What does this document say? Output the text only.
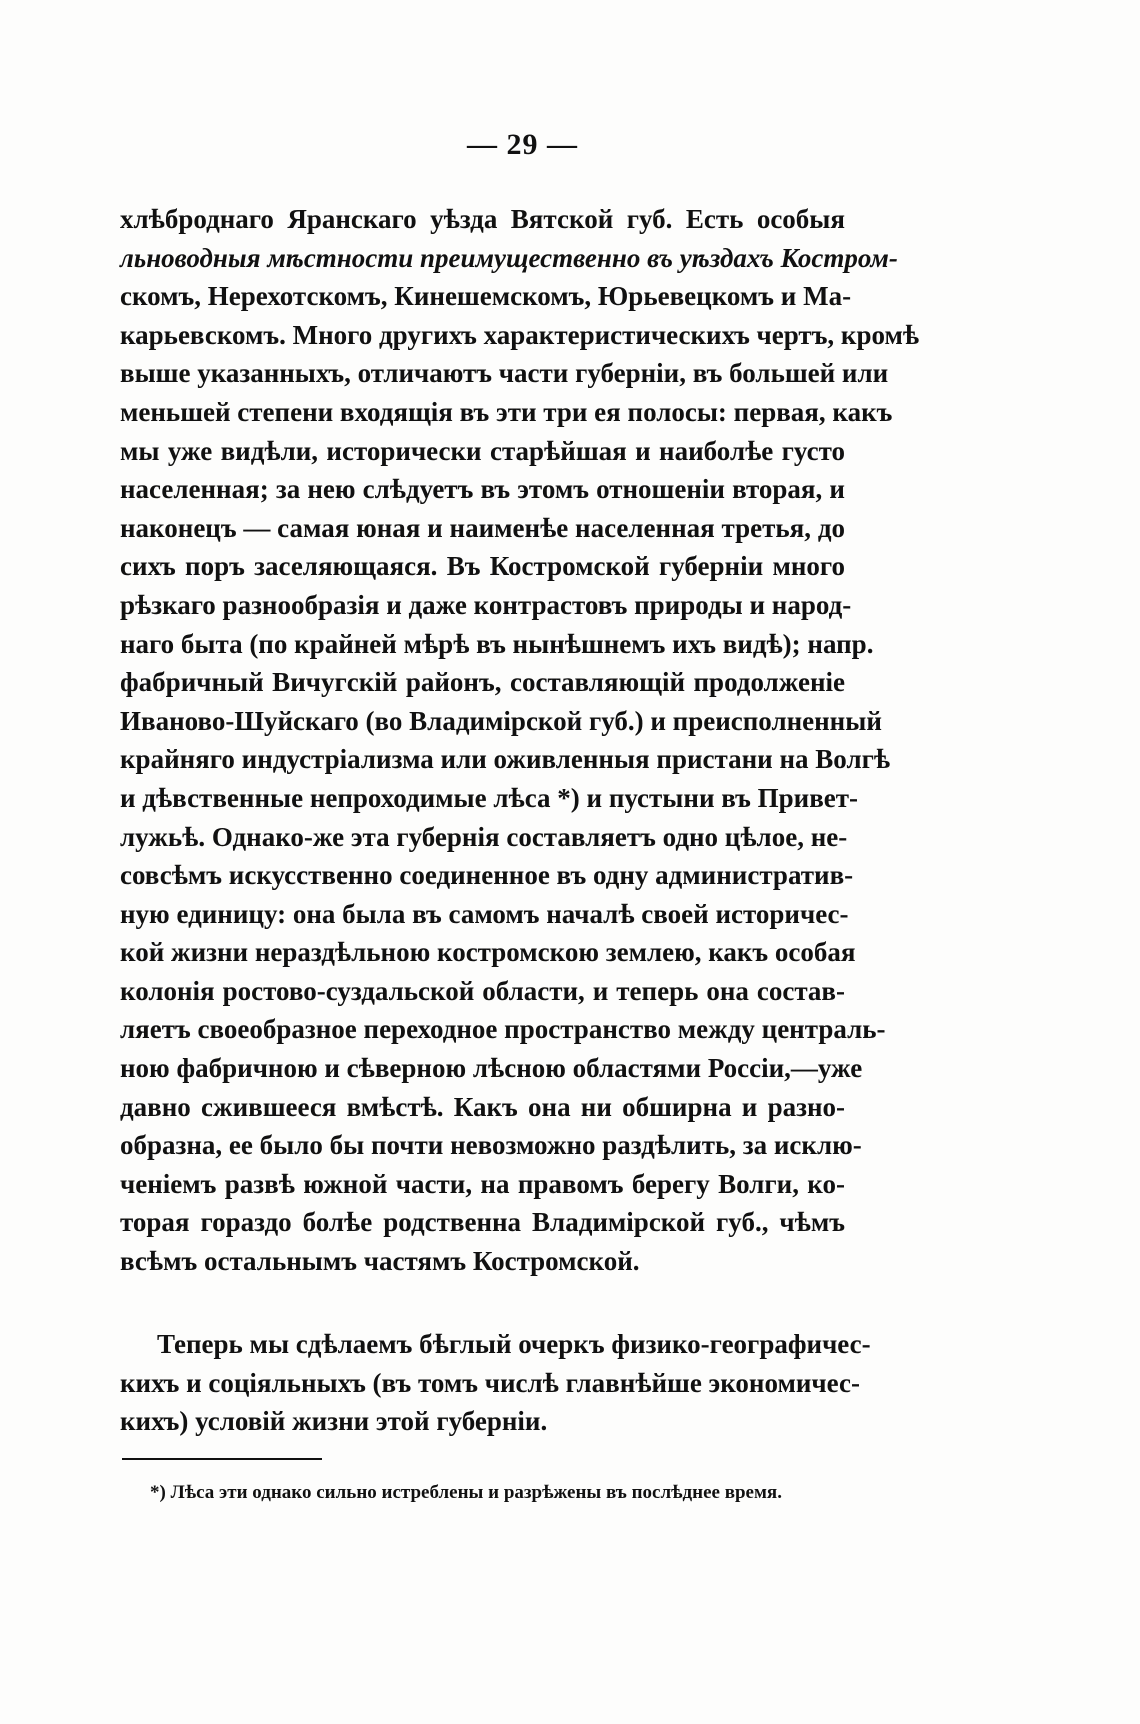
— 29 —
хлѣброднаго Яранскаго уѣзда Вятской губ. Есть особыя
льноводныя мѣстности преимущественно въ уѣздахъ Костром-
скомъ, Нерехотскомъ, Кинешемскомъ, Юрьевецкомъ и Ма-
карьевскомъ. Много другихъ характеристическихъ чертъ, кромѣ
выше указанныхъ, отличаютъ части губерніи, въ большей или
меньшей степени входящія въ эти три ея полосы: первая, какъ
мы уже видѣли, исторически старѣйшая и наиболѣе густо
населенная; за нею слѣдуетъ въ этомъ отношеніи вторая, и
наконецъ — самая юная и наименѣе населенная третья, до
сихъ поръ заселяющаяся. Въ Костромской губерніи много
рѣзкаго разнообразія и даже контрастовъ природы и народ-
наго быта (по крайней мѣрѣ въ нынѣшнемъ ихъ видѣ); напр.
фабричный Вичугскій районъ, составляющій продолженіе
Иваново-Шуйскаго (во Владимірской губ.) и преисполненный
крайняго индустріализма или оживленныя пристани на Волгѣ
и дѣвственные непроходимые лѣса *) и пустыни въ Привет-
лужьѣ. Однако-же эта губернія составляетъ одно цѣлое, не-
совсѣмъ искусственно соединенное въ одну административ-
ную единицу: она была въ самомъ началѣ своей историчес-
кой жизни нераздѣльною костромскою землею, какъ особая
колонія ростово-суздальской области, и теперь она состав-
ляетъ своеобразное переходное пространство между централь-
ною фабричною и сѣверною лѣсною областями Россіи,—уже
давно сжившееся вмѣстѣ. Какъ она ни обширна и разно-
образна, ее было бы почти невозможно раздѣлить, за исклю-
ченіемъ развѣ южной части, на правомъ берегу Волги, ко-
торая гораздо болѣе родственна Владимірской губ., чѣмъ
всѣмъ остальнымъ частямъ Костромской.
Теперь мы сдѣлаемъ бѣглый очеркъ физико-географичес-
кихъ и соціяльныхъ (въ томъ числѣ главнѣйше экономичес-
кихъ) условій жизни этой губерніи.
*) Лѣса эти однако сильно истреблены и разрѣжены въ послѣднее время.
